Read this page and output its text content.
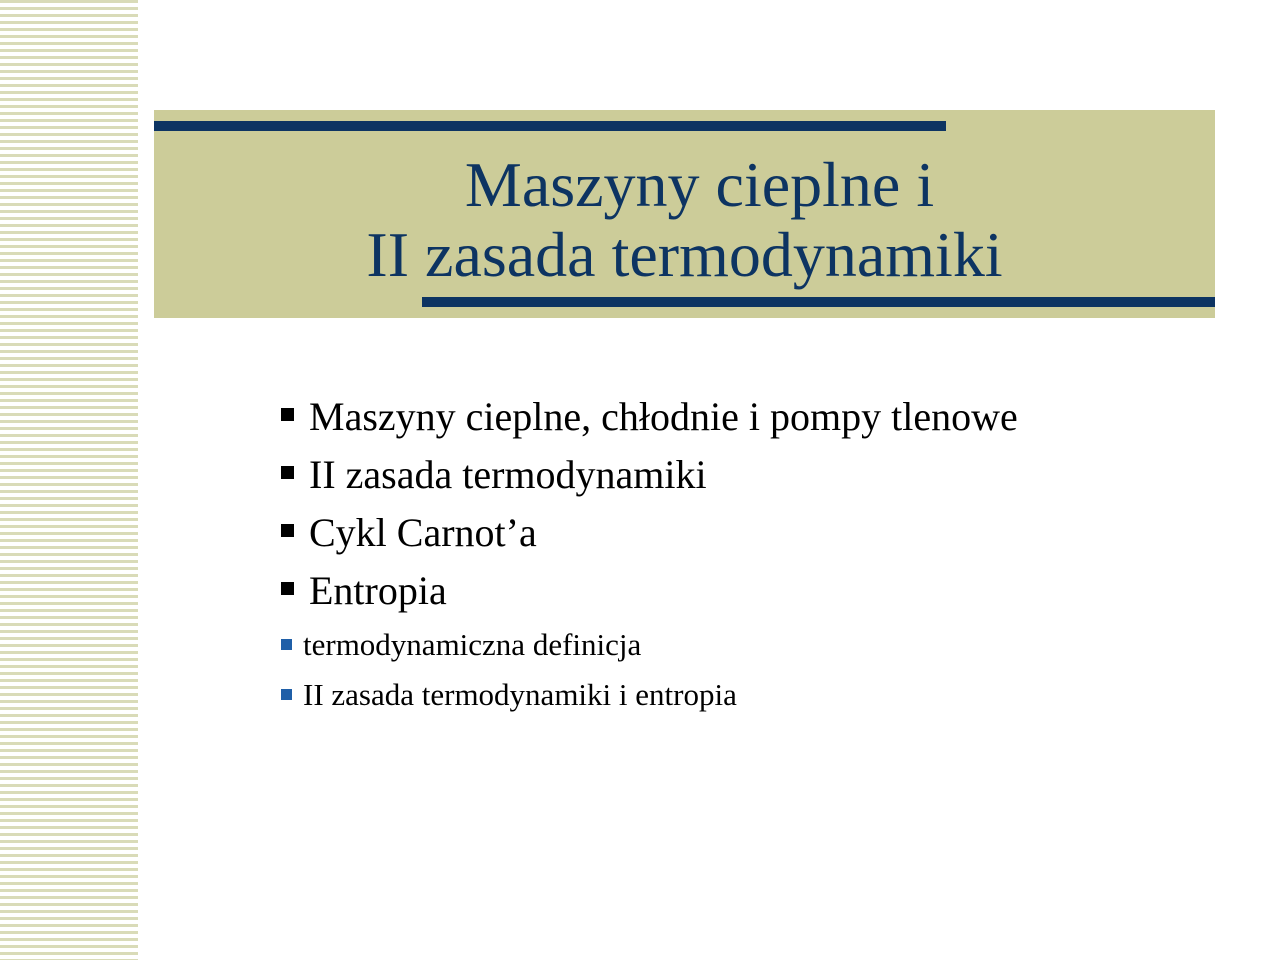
Maszyny cieplne i
II zasada termodynamiki
Maszyny cieplne, chłodnie i pompy tlenowe
II zasada termodynamiki
Cykl Carnot’a
Entropia
termodynamiczna definicja
II zasada termodynamiki i entropia
